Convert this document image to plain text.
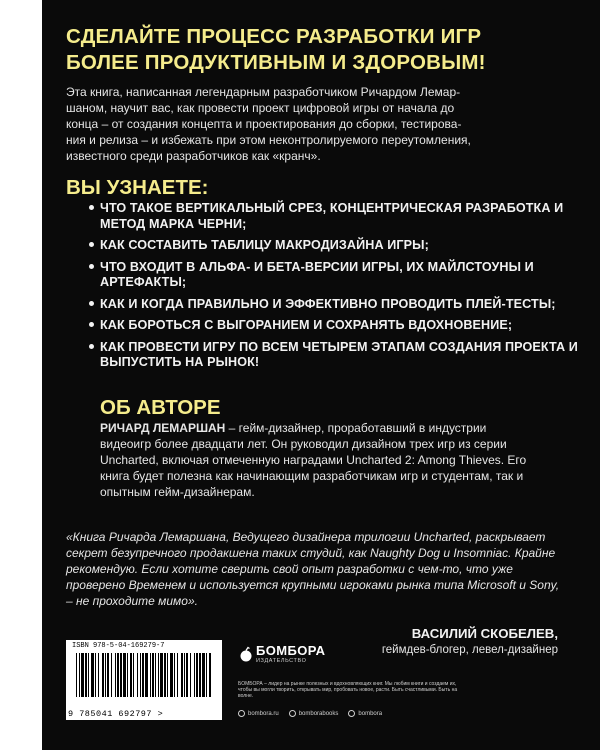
СДЕЛАЙТЕ ПРОЦЕСС РАЗРАБОТКИ ИГР
БОЛЕЕ ПРОДУКТИВНЫМ И ЗДОРОВЫМ!
Эта книга, написанная легендарным разработчиком Ричардом Лемар-
шаном, научит вас, как провести проект цифровой игры от начала до
конца – от создания концепта и проектирования до сборки, тестирова-
ния и релиза – и избежать при этом неконтролируемого переутомления,
известного среди разработчиков как «кранч».
ВЫ УЗНАЕТЕ:
ЧТО ТАКОЕ ВЕРТИКАЛЬНЫЙ СРЕЗ, КОНЦЕНТРИЧЕСКАЯ РАЗРАБОТКА И МЕТОД МАРКА ЧЕРНИ;
КАК СОСТАВИТЬ ТАБЛИЦУ МАКРОДИЗАЙНА ИГРЫ;
ЧТО ВХОДИТ В АЛЬФА- И БЕТА-ВЕРСИИ ИГРЫ, ИХ МАЙЛСТОУНЫ И АРТЕФАКТЫ;
КАК И КОГДА ПРАВИЛЬНО И ЭФФЕКТИВНО ПРОВОДИТЬ ПЛЕЙ-ТЕСТЫ;
КАК БОРОТЬСЯ С ВЫГОРАНИЕМ И СОХРАНЯТЬ ВДОХНОВЕНИЕ;
КАК ПРОВЕСТИ ИГРУ ПО ВСЕМ ЧЕТЫРЕМ ЭТАПАМ СОЗДАНИЯ ПРОЕКТА И ВЫПУСТИТЬ НА РЫНОК!
ОБ АВТОРЕ
РИЧАРД ЛЕМАРШАН – гейм-дизайнер, проработавший в индустрии видеоигр более двадцати лет. Он руководил дизайном трех игр из серии Uncharted, включая отмеченную наградами Uncharted 2: Among Thieves. Его книга будет полезна как начинающим разработчикам игр и студентам, так и опытным гейм-дизайнерам.
«Книга Ричарда Лемаршана, Ведущего дизайнера трилогии Uncharted, раскрывает секрет безупречного продакшена таких студий, как Naughty Dog и Insomniac. Крайне рекомендую. Если хотите сверить свой опыт разработки с чем-то, что уже проверено Временем и используется крупными игроками рынка типа Microsoft и Sony, – не проходите мимо».
ВАСИЛИЙ СКОБЕЛЕВ,
геймдев-блогер, левел-дизайнер
ISBN 978-5-04-169279-7
9 785041 692797 >
БОМБОРА
ИЗДАТЕЛЬСТВО
БОМБОРА – лидер на рынке полезных и вдохновляющих книг. Мы любим книги и создаем их, чтобы вы могли творить, открывать мир, пробовать новое, расти. Быть счастливыми. Быть на волне.
bombora.ru	bomborabooks	bombora
